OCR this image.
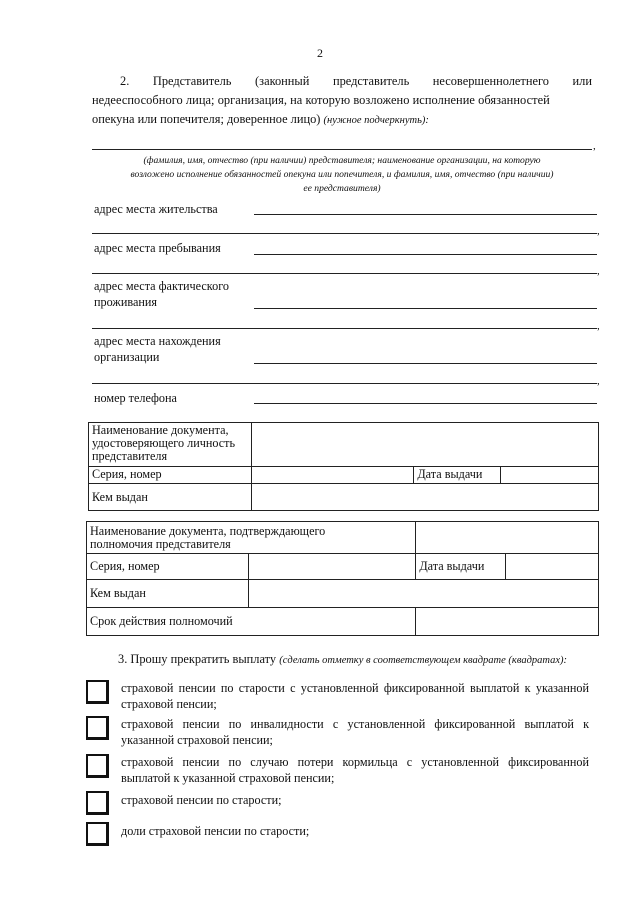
2
2. Представитель (законный представитель несовершеннолетнего или
недееспособного лица; организация, на которую возложено исполнение обязанностей
опекуна или попечителя; доверенное лицо) (нужное подчеркнуть):
,
(фамилия, имя, отчество (при наличии) представителя; наименование организации, на которую
возложено исполнение обязанностей опекуна или попечителя, и фамилия, имя, отчество (при наличии)
ее представителя)
адрес места жительства
,
адрес места пребывания
,
адрес места фактического
проживания
,
адрес места нахождения
организации
,
номер телефона
Наименование документа,
удостоверяющего личность
представителя			

Серия, номер		Дата выдачи	
Кем выдан			
Наименование документа, подтверждающего
полномочия представителя			

Серия, номер		Дата выдачи	
Кем выдан			
Срок действия полномочий			
3. Прошу прекратить выплату (сделать отметку в соответствующем квадрате (квадратах):
страховой пенсии по старости с установленной фиксированной выплатой к указанной страховой пенсии;
страховой пенсии по инвалидности с установленной фиксированной выплатой к указанной страховой пенсии;
страховой пенсии по случаю потери кормильца с установленной фиксированной выплатой к указанной страховой пенсии;
страховой пенсии по старости;
доли страховой пенсии по старости;
